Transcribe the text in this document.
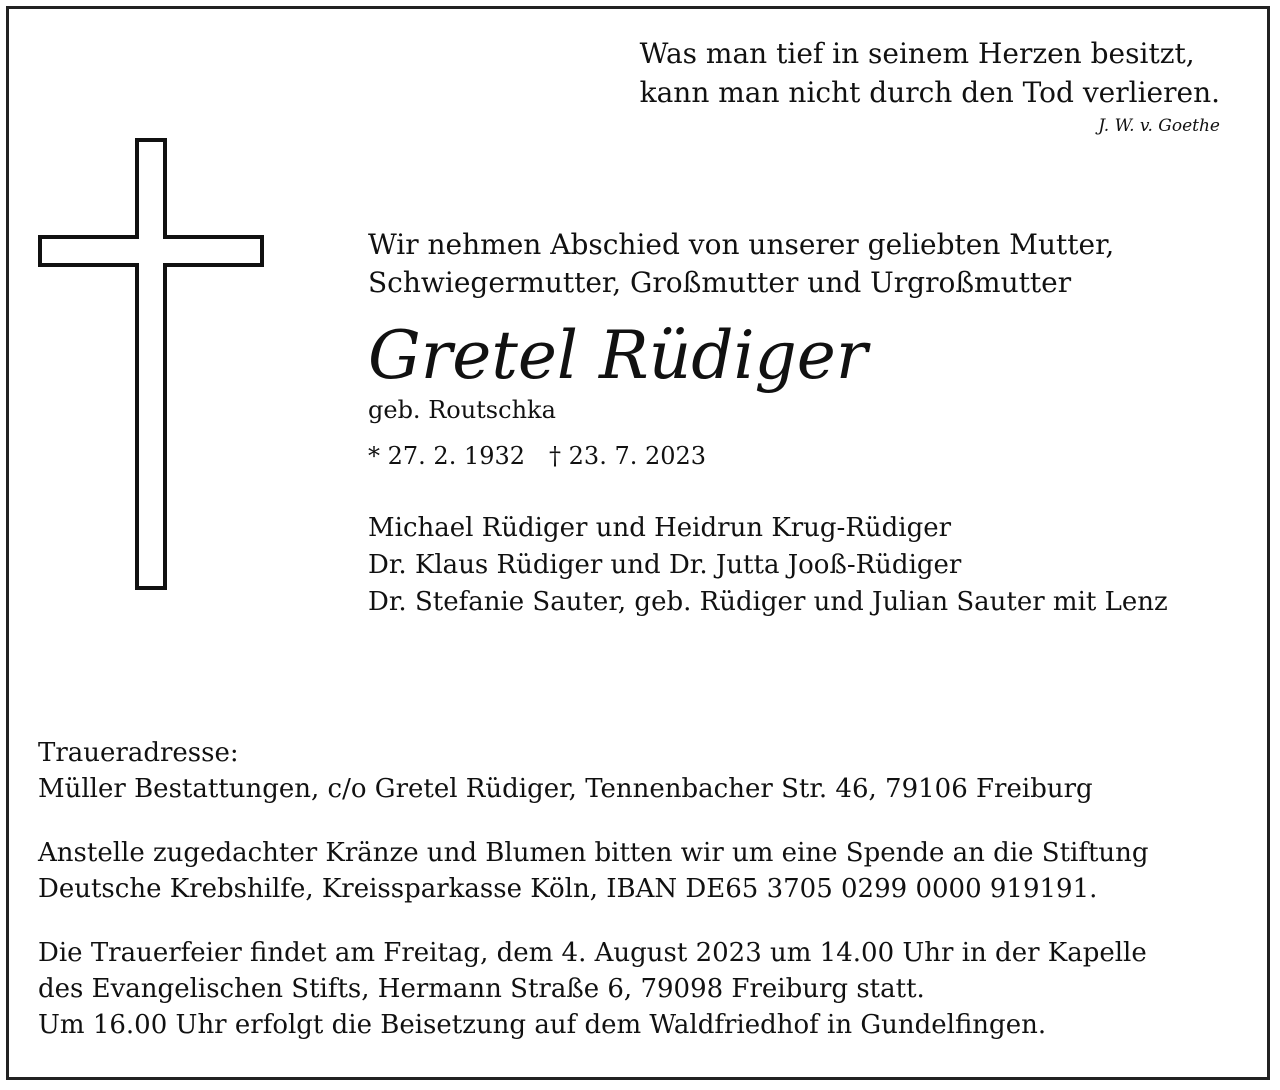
Was man tief in seinem Herzen besitzt,
kann man nicht durch den Tod verlieren.
J. W. v. Goethe
Wir nehmen Abschied von unserer geliebten Mutter,
Schwiegermutter, Großmutter und Urgroßmutter
Gretel Rüdiger
geb. Routschka
* 27. 2. 1932 † 23. 7. 2023
Michael Rüdiger und Heidrun Krug-Rüdiger
Dr. Klaus Rüdiger und Dr. Jutta Jooß-Rüdiger
Dr. Stefanie Sauter, geb. Rüdiger und Julian Sauter mit Lenz
Traueradresse:
Müller Bestattungen, c/o Gretel Rüdiger, Tennenbacher Str. 46, 79106 Freiburg
Anstelle zugedachter Kränze und Blumen bitten wir um eine Spende an die Stiftung
Deutsche Krebshilfe, Kreissparkasse Köln, IBAN DE65 3705 0299 0000 919191.
Die Trauerfeier findet am Freitag, dem 4. August 2023 um 14.00 Uhr in der Kapelle
des Evangelischen Stifts, Hermann Straße 6, 79098 Freiburg statt.
Um 16.00 Uhr erfolgt die Beisetzung auf dem Waldfriedhof in Gundelfingen.
